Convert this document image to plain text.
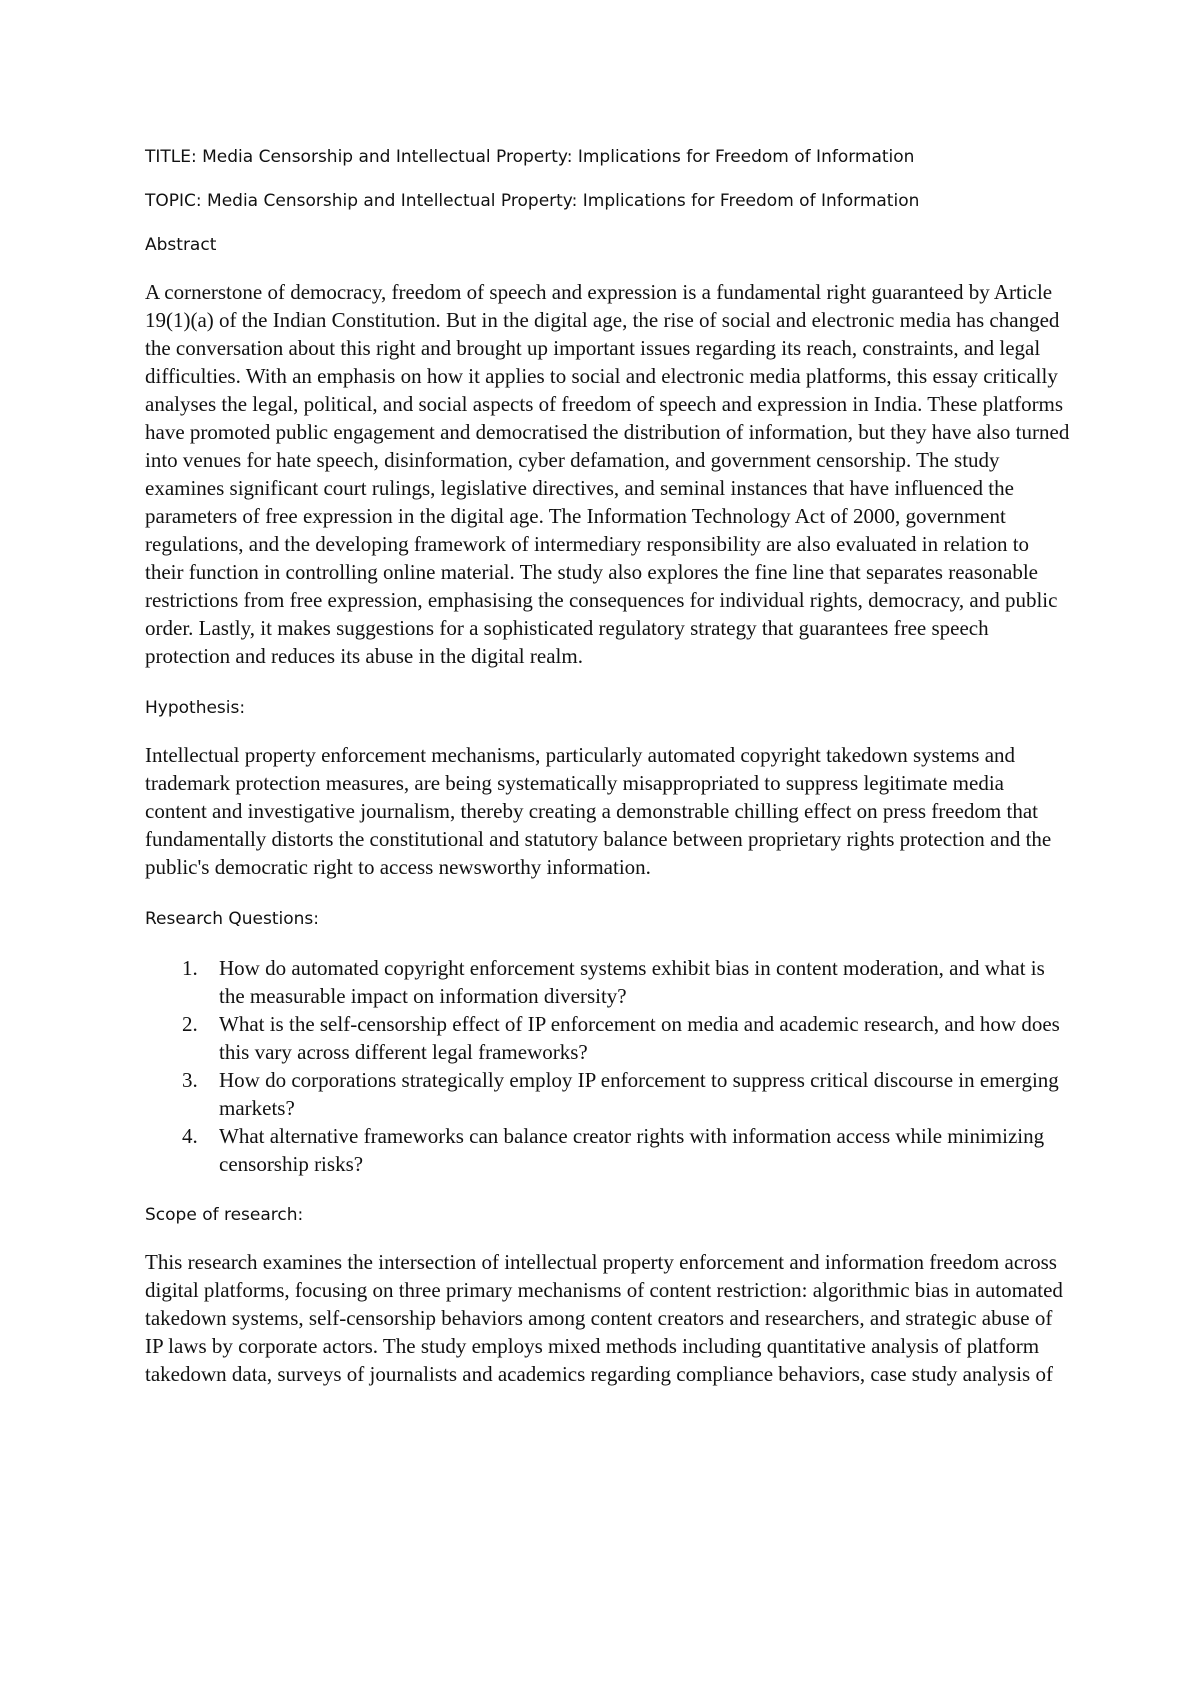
TITLE: Media Censorship and Intellectual Property: Implications for Freedom of Information

TOPIC: Media Censorship and Intellectual Property: Implications for Freedom of Information

Abstract

A cornerstone of democracy, freedom of speech and expression is a fundamental right guaranteed by Article 19(1)(a) of the Indian Constitution. But in the digital age, the rise of social and electronic media has changed the conversation about this right and brought up important issues regarding its reach, constraints, and legal difficulties. With an emphasis on how it applies to social and electronic media platforms, this essay critically analyses the legal, political, and social aspects of freedom of speech and expression in India. These platforms have promoted public engagement and democratised the distribution of information, but they have also turned into venues for hate speech, disinformation, cyber defamation, and government censorship. The study examines significant court rulings, legislative directives, and seminal instances that have influenced the parameters of free expression in the digital age. The Information Technology Act of 2000, government regulations, and the developing framework of intermediary responsibility are also evaluated in relation to their function in controlling online material. The study also explores the fine line that separates reasonable restrictions from free expression, emphasising the consequences for individual rights, democracy, and public order. Lastly, it makes suggestions for a sophisticated regulatory strategy that guarantees free speech protection and reduces its abuse in the digital realm.

Hypothesis:

Intellectual property enforcement mechanisms, particularly automated copyright takedown systems and trademark protection measures, are being systematically misappropriated to suppress legitimate media content and investigative journalism, thereby creating a demonstrable chilling effect on press freedom that fundamentally distorts the constitutional and statutory balance between proprietary rights protection and the public's democratic right to access newsworthy information.

Research Questions:

1. How do automated copyright enforcement systems exhibit bias in content moderation, and what is the measurable impact on information diversity?
2. What is the self-censorship effect of IP enforcement on media and academic research, and how does this vary across different legal frameworks?
3. How do corporations strategically employ IP enforcement to suppress critical discourse in emerging markets?
4. What alternative frameworks can balance creator rights with information access while minimizing censorship risks?

Scope of research:

This research examines the intersection of intellectual property enforcement and information freedom across digital platforms, focusing on three primary mechanisms of content restriction: algorithmic bias in automated takedown systems, self-censorship behaviors among content creators and researchers, and strategic abuse of IP laws by corporate actors. The study employs mixed methods including quantitative analysis of platform takedown data, surveys of journalists and academics regarding compliance behaviors, case study analysis of
